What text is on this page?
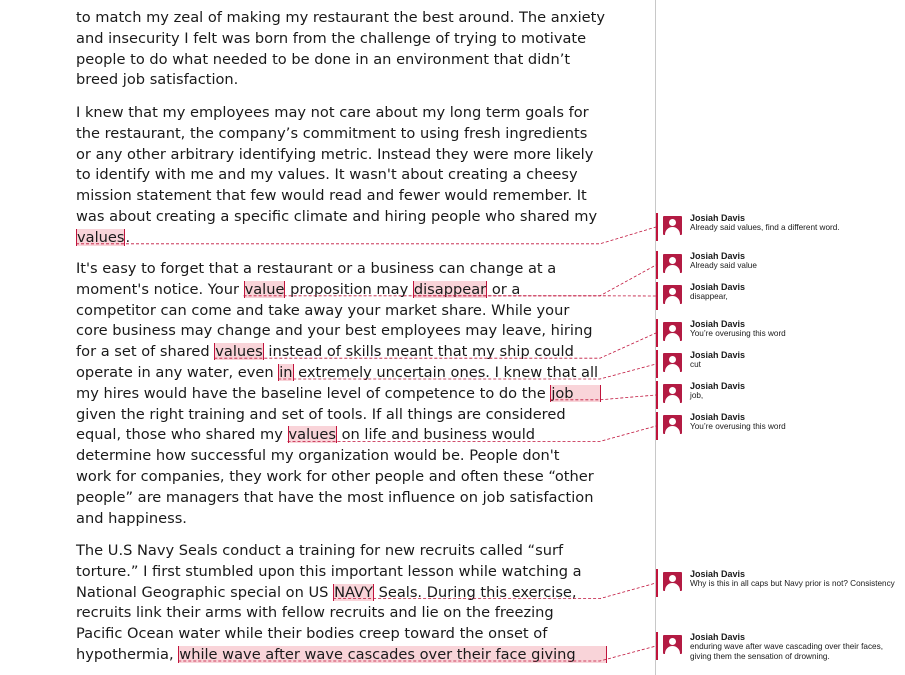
to match my zeal of making my restaurant the best around. The anxiety
and insecurity I felt was born from the challenge of trying to motivate
people to do what needed to be done in an environment that didn’t
breed job satisfaction.
I knew that my employees may not care about my long term goals for
the restaurant, the company’s commitment to using fresh ingredients
or any other arbitrary identifying metric. Instead they were more likely
to identify with me and my values. It wasn't about creating a cheesy
mission statement that few would read and fewer would remember. It
was about creating a specific climate and hiring people who shared my
values.
It's easy to forget that a restaurant or a business can change at a
moment's notice. Your value proposition may disappear or a
competitor can come and take away your market share. While your
core business may change and your best employees may leave, hiring
for a set of shared values instead of skills meant that my ship could
operate in any water, even in extremely uncertain ones. I knew that all
my hires would have the baseline level of competence to do the job
given the right training and set of tools. If all things are considered
equal, those who shared my values on life and business would
determine how successful my organization would be. People don't
work for companies, they work for other people and often these “other
people” are managers that have the most influence on job satisfaction
and happiness.
The U.S Navy Seals conduct a training for new recruits called “surf
torture.” I first stumbled upon this important lesson while watching a
National Geographic special on US NAVY Seals. During this exercise,
recruits link their arms with fellow recruits and lie on the freezing
Pacific Ocean water while their bodies creep toward the onset of
hypothermia, while wave after wave cascades over their face giving
Josiah Davis
Already said values, find a different word.
Josiah Davis
Already said value
Josiah Davis
disappear,
Josiah Davis
You’re overusing this word
Josiah Davis
cut
Josiah Davis
job,
Josiah Davis
You’re overusing this word
Josiah Davis
Why is this in all caps but Navy prior is not? Consistency
Josiah Davis
enduring wave after wave cascading over their faces, giving them the sensation of drowning.
